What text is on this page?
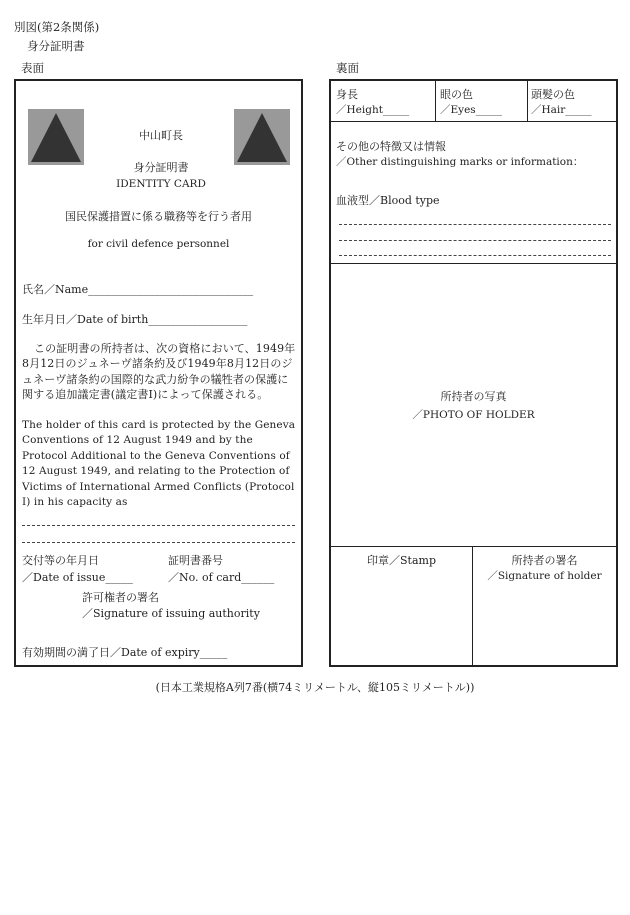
別図(第2条関係)
身分証明書
表面	裏面
中山町長
身分証明書
IDENTITY CARD
国民保護措置に係る職務等を行う者用
for civil defence personnel
氏名／Name______________________________
生年月日／Date of birth__________________
この証明書の所持者は、次の資格において、1949年8月12日のジュネーヴ諸条約及び1949年8月12日のジュネーヴ諸条約の国際的な武力紛争の犠牲者の保護に関する追加議定書(議定書Ⅰ)によって保護される。
The holder of this card is protected by the Geneva Conventions of 12 August 1949 and by the Protocol Additional to the Geneva Conventions of 12 August 1949, and relating to the Protection of Victims of International Armed Conflicts (Protocol Ⅰ) in his capacity as
交付等の年月日
／Date of issue_____
証明書番号
／No. of card______
許可権者の署名
／Signature of issuing authority
有効期間の満了日／Date of expiry_____
身長
／Height_____
眼の色
／Eyes_____
頭髪の色
／Hair_____
その他の特徴又は情報
／Other distinguishing marks or information：
血液型／Blood type
所持者の写真
／PHOTO OF HOLDER
印章／Stamp	所持者の署名
／Signature of holder
(日本工業規格A列7番(横74ミリメートル、縦105ミリメートル))
